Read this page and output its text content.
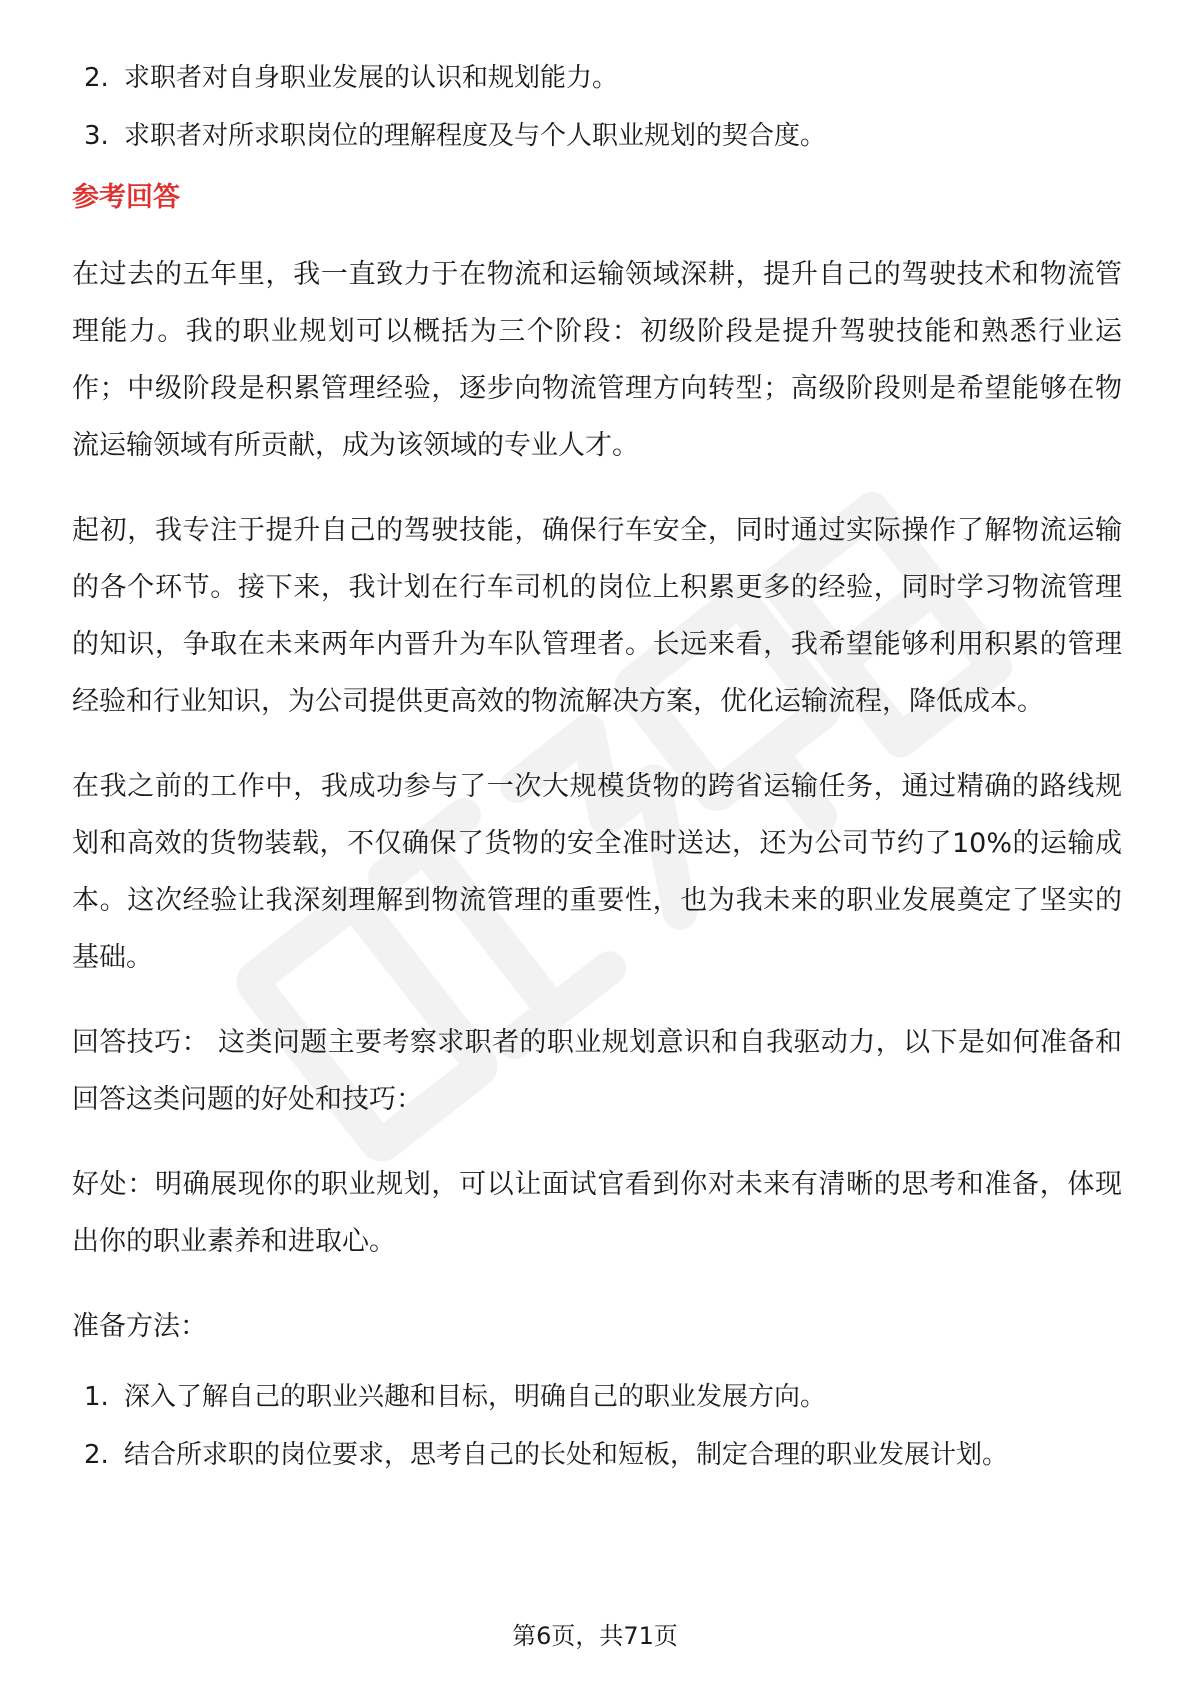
2. 求职者对自身职业发展的认识和规划能力。
3. 求职者对所求职岗位的理解程度及与个人职业规划的契合度。
参考回答

在过去的五年里，我一直致力于在物流和运输领域深耕，提升自己的驾驶技术和物流管理能力。我的职业规划可以概括为三个阶段：初级阶段是提升驾驶技能和熟悉行业运作；中级阶段是积累管理经验，逐步向物流管理方向转型；高级阶段则是希望能够在物流运输领域有所贡献，成为该领域的专业人才。

起初，我专注于提升自己的驾驶技能，确保行车安全，同时通过实际操作了解物流运输的各个环节。接下来，我计划在行车司机的岗位上积累更多的经验，同时学习物流管理的知识，争取在未来两年内晋升为车队管理者。长远来看，我希望能够利用积累的管理经验和行业知识，为公司提供更高效的物流解决方案，优化运输流程，降低成本。

在我之前的工作中，我成功参与了一次大规模货物的跨省运输任务，通过精确的路线规划和高效的货物装载，不仅确保了货物的安全准时送达，还为公司节约了10%的运输成本。这次经验让我深刻理解到物流管理的重要性，也为我未来的职业发展奠定了坚实的基础。

回答技巧： 这类问题主要考察求职者的职业规划意识和自我驱动力，以下是如何准备和回答这类问题的好处和技巧：

好处：明确展现你的职业规划，可以让面试官看到你对未来有清晰的思考和准备，体现出你的职业素养和进取心。

准备方法：
1. 深入了解自己的职业兴趣和目标，明确自己的职业发展方向。
2. 结合所求职的岗位要求，思考自己的长处和短板，制定合理的职业发展计划。
第6页，共71页
